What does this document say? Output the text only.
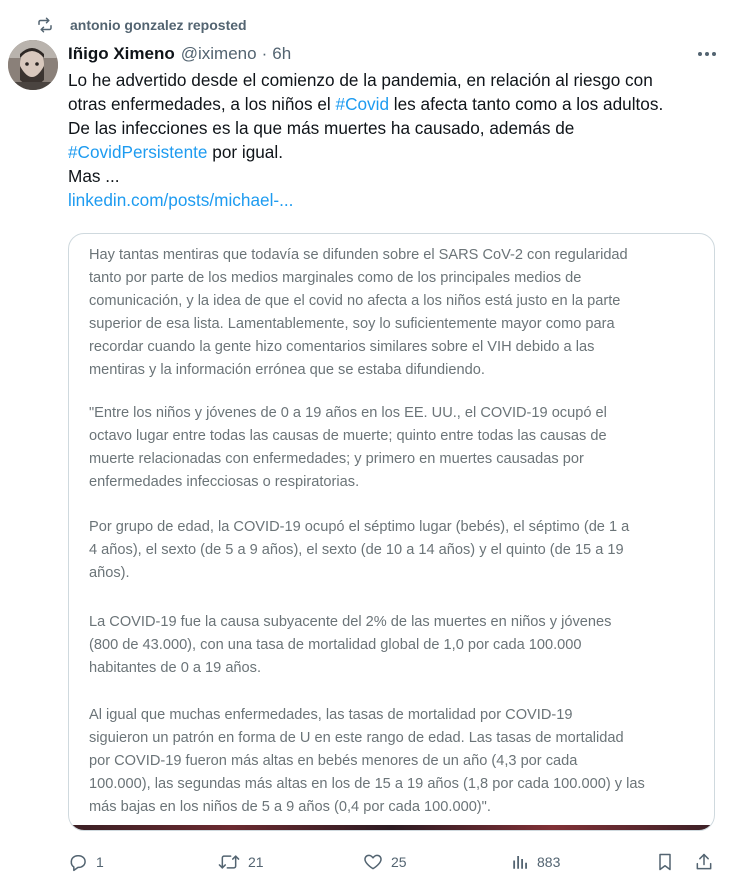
antonio gonzalez reposted
Iñigo Ximeno @iximeno · 6h
Lo he advertido desde el comienzo de la pandemia, en relación al riesgo con
otras enfermedades, a los niños el #Covid les afecta tanto como a los adultos.
De las infecciones es la que más muertes ha causado, además de
#CovidPersistente por igual.
Mas ...
linkedin.com/posts/michael-...
Hay tantas mentiras que todavía se difunden sobre el SARS CoV-2 con regularidad
tanto por parte de los medios marginales como de los principales medios de
comunicación, y la idea de que el covid no afecta a los niños está justo en la parte
superior de esa lista. Lamentablemente, soy lo suficientemente mayor como para
recordar cuando la gente hizo comentarios similares sobre el VIH debido a las
mentiras y la información errónea que se estaba difundiendo.
"Entre los niños y jóvenes de 0 a 19 años en los EE. UU., el COVID-19 ocupó el
octavo lugar entre todas las causas de muerte; quinto entre todas las causas de
muerte relacionadas con enfermedades; y primero en muertes causadas por
enfermedades infecciosas o respiratorias.
Por grupo de edad, la COVID-19 ocupó el séptimo lugar (bebés), el séptimo (de 1 a
4 años), el sexto (de 5 a 9 años), el sexto (de 10 a 14 años) y el quinto (de 15 a 19
años).
La COVID-19 fue la causa subyacente del 2% de las muertes en niños y jóvenes
(800 de 43.000), con una tasa de mortalidad global de 1,0 por cada 100.000
habitantes de 0 a 19 años.
Al igual que muchas enfermedades, las tasas de mortalidad por COVID-19
siguieron un patrón en forma de U en este rango de edad. Las tasas de mortalidad
por COVID-19 fueron más altas en bebés menores de un año (4,3 por cada
100.000), las segundas más altas en los de 15 a 19 años (1,8 por cada 100.000) y las
más bajas en los niños de 5 a 9 años (0,4 por cada 100.000)".
1	21	25	883
